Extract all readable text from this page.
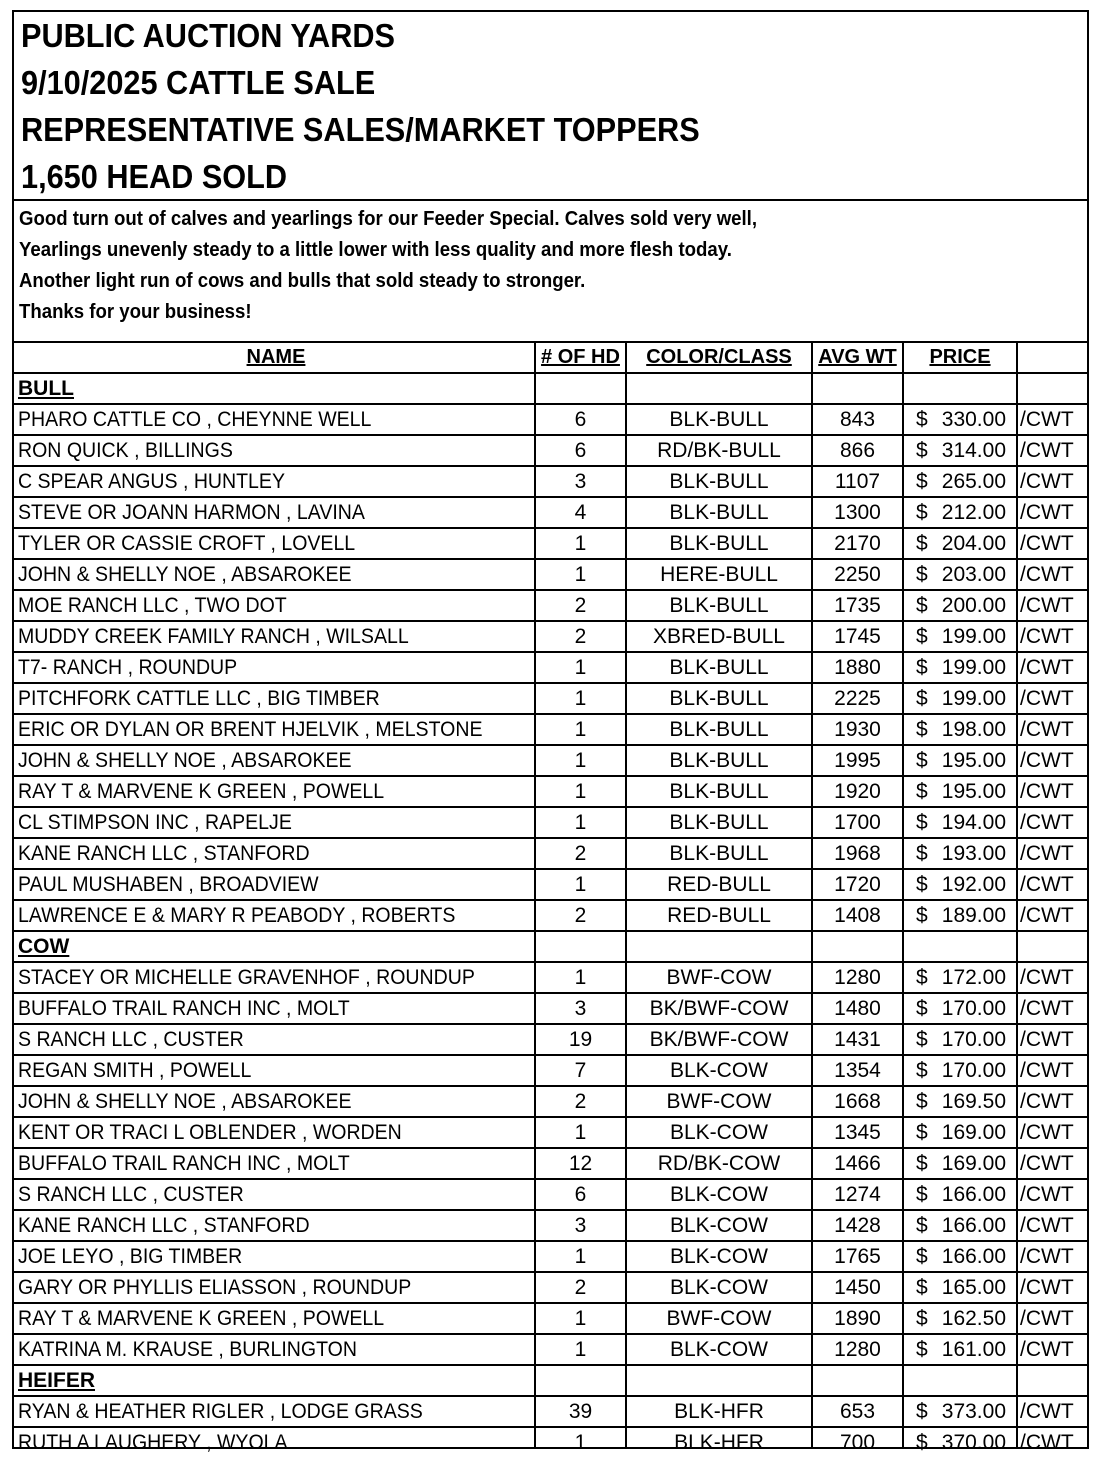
PUBLIC AUCTION YARDS
9/10/2025 CATTLE SALE
REPRESENTATIVE SALES/MARKET TOPPERS
1,650 HEAD SOLD
Good turn out of calves and yearlings for our Feeder Special. Calves sold very well,
Yearlings unevenly steady to a little lower with less quality and more flesh today.
Another light run of cows and bulls that sold steady to stronger.
Thanks for your business!
NAME	# OF HD	COLOR/CLASS	AVG WT	PRICE
BULL
PHARO CATTLE CO , CHEYNNE WELL	6	BLK-BULL	843	$ 330.00 /CWT
RON QUICK , BILLINGS	6	RD/BK-BULL	866	$ 314.00 /CWT
C SPEAR ANGUS , HUNTLEY	3	BLK-BULL	1107	$ 265.00 /CWT
STEVE OR JOANN HARMON , LAVINA	4	BLK-BULL	1300	$ 212.00 /CWT
TYLER OR CASSIE CROFT , LOVELL	1	BLK-BULL	2170	$ 204.00 /CWT
JOHN & SHELLY NOE , ABSAROKEE	1	HERE-BULL	2250	$ 203.00 /CWT
MOE RANCH LLC , TWO DOT	2	BLK-BULL	1735	$ 200.00 /CWT
MUDDY CREEK FAMILY RANCH , WILSALL	2	XBRED-BULL	1745	$ 199.00 /CWT
T7- RANCH , ROUNDUP	1	BLK-BULL	1880	$ 199.00 /CWT
PITCHFORK CATTLE LLC , BIG TIMBER	1	BLK-BULL	2225	$ 199.00 /CWT
ERIC OR DYLAN OR BRENT HJELVIK , MELSTONE	1	BLK-BULL	1930	$ 198.00 /CWT
JOHN & SHELLY NOE , ABSAROKEE	1	BLK-BULL	1995	$ 195.00 /CWT
RAY T & MARVENE K GREEN , POWELL	1	BLK-BULL	1920	$ 195.00 /CWT
CL STIMPSON INC , RAPELJE	1	BLK-BULL	1700	$ 194.00 /CWT
KANE RANCH LLC , STANFORD	2	BLK-BULL	1968	$ 193.00 /CWT
PAUL MUSHABEN , BROADVIEW	1	RED-BULL	1720	$ 192.00 /CWT
LAWRENCE E & MARY R PEABODY , ROBERTS	2	RED-BULL	1408	$ 189.00 /CWT
COW
STACEY OR MICHELLE GRAVENHOF , ROUNDUP	1	BWF-COW	1280	$ 172.00 /CWT
BUFFALO TRAIL RANCH INC , MOLT	3	BK/BWF-COW	1480	$ 170.00 /CWT
S RANCH LLC , CUSTER	19	BK/BWF-COW	1431	$ 170.00 /CWT
REGAN SMITH , POWELL	7	BLK-COW	1354	$ 170.00 /CWT
JOHN & SHELLY NOE , ABSAROKEE	2	BWF-COW	1668	$ 169.50 /CWT
KENT OR TRACI L OBLENDER , WORDEN	1	BLK-COW	1345	$ 169.00 /CWT
BUFFALO TRAIL RANCH INC , MOLT	12	RD/BK-COW	1466	$ 169.00 /CWT
S RANCH LLC , CUSTER	6	BLK-COW	1274	$ 166.00 /CWT
KANE RANCH LLC , STANFORD	3	BLK-COW	1428	$ 166.00 /CWT
JOE LEYO , BIG TIMBER	1	BLK-COW	1765	$ 166.00 /CWT
GARY OR PHYLLIS ELIASSON , ROUNDUP	2	BLK-COW	1450	$ 165.00 /CWT
RAY T & MARVENE K GREEN , POWELL	1	BWF-COW	1890	$ 162.50 /CWT
KATRINA M. KRAUSE , BURLINGTON	1	BLK-COW	1280	$ 161.00 /CWT
HEIFER
RYAN & HEATHER RIGLER , LODGE GRASS	39	BLK-HFR	653	$ 373.00 /CWT
RUTH A LAUGHERY , WYOLA	1	BLK-HFR	700	$ 370.00 /CWT
